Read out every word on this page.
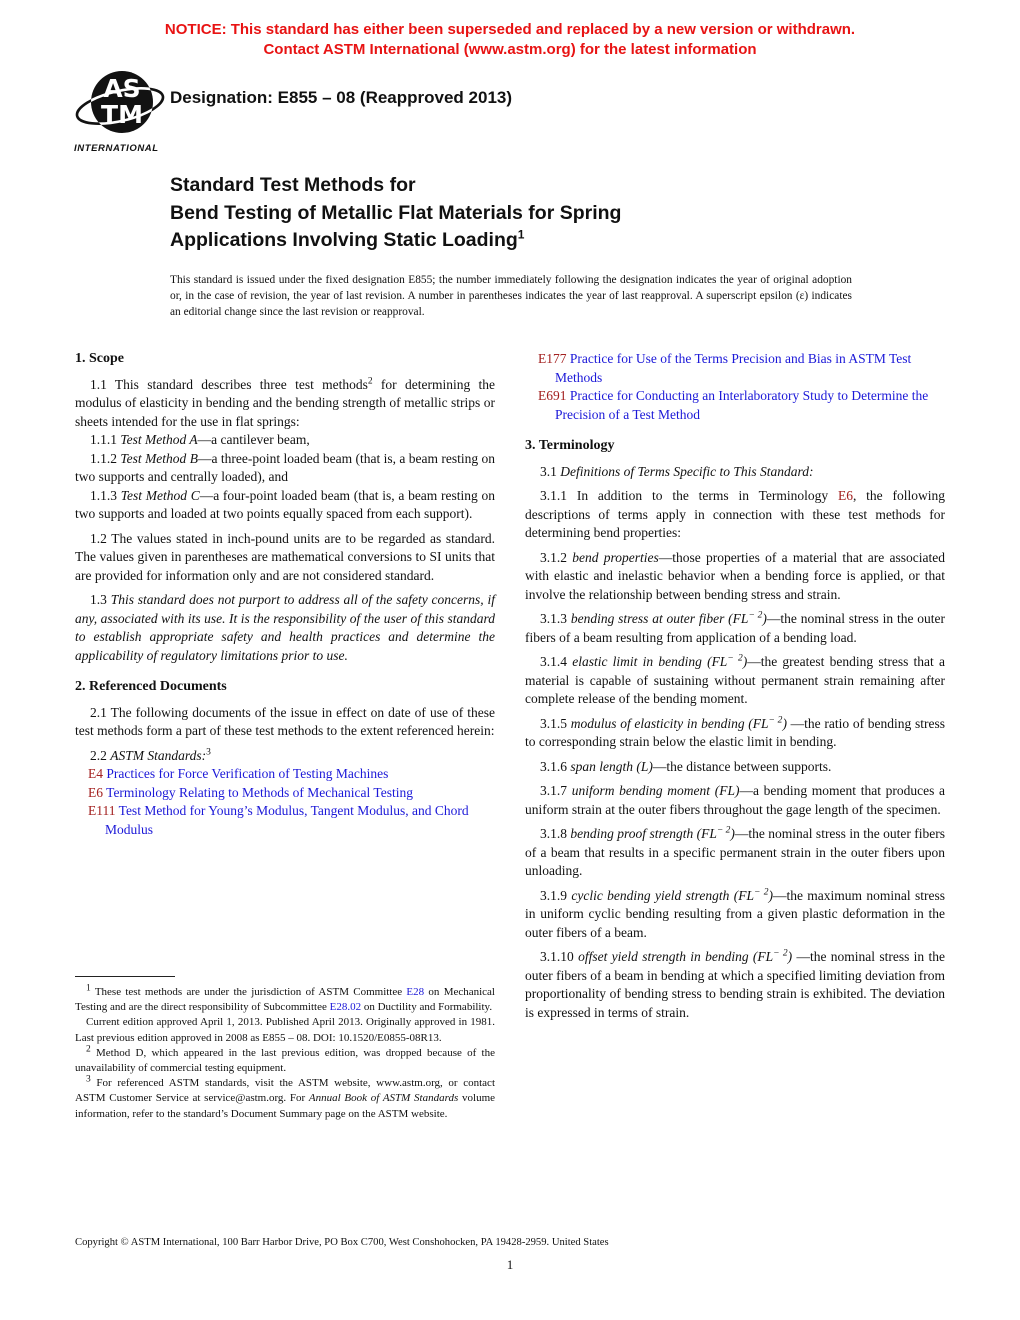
NOTICE: This standard has either been superseded and replaced by a new version or withdrawn.
Contact ASTM International (www.astm.org) for the latest information
AS
TM
INTERNATIONAL
Designation: E855 – 08 (Reapproved 2013)
Standard Test Methods for
Bend Testing of Metallic Flat Materials for Spring
Applications Involving Static Loading$^1$
This standard is issued under the fixed designation E855; the number immediately following the designation indicates the year of original adoption or, in the case of revision, the year of last revision. A number in parentheses indicates the year of last reapproval. A superscript epsilon (ε) indicates an editorial change since the last revision or reapproval.
1. Scope
1.1 This standard describes three test methods$^2$ for determining the modulus of elasticity in bending and the bending strength of metallic strips or sheets intended for the use in flat springs:
1.1.1 Test Method A—a cantilever beam,
1.1.2 Test Method B—a three-point loaded beam (that is, a beam resting on two supports and centrally loaded), and
1.1.3 Test Method C—a four-point loaded beam (that is, a beam resting on two supports and loaded at two points equally spaced from each support).
1.2 The values stated in inch-pound units are to be regarded as standard. The values given in parentheses are mathematical conversions to SI units that are provided for information only and are not considered standard.
1.3 This standard does not purport to address all of the safety concerns, if any, associated with its use. It is the responsibility of the user of this standard to establish appropriate safety and health practices and determine the applicability of regulatory limitations prior to use.
2. Referenced Documents
2.1 The following documents of the issue in effect on date of use of these test methods form a part of these test methods to the extent referenced herein:
2.2 ASTM Standards:$^3$
E4 Practices for Force Verification of Testing Machines
E6 Terminology Relating to Methods of Mechanical Testing
E111 Test Method for Young’s Modulus, Tangent Modulus, and Chord Modulus
E177 Practice for Use of the Terms Precision and Bias in ASTM Test Methods
E691 Practice for Conducting an Interlaboratory Study to Determine the Precision of a Test Method
3. Terminology
3.1 Definitions of Terms Specific to This Standard:
3.1.1 In addition to the terms in Terminology E6, the following descriptions of terms apply in connection with these test methods for determining bend properties:
3.1.2 bend properties—those properties of a material that are associated with elastic and inelastic behavior when a bending force is applied, or that involve the relationship between bending stress and strain.
3.1.3 bending stress at outer fiber $(FL^{- 2})—the$ nominal stress in the outer fibers of a beam resulting from application of a bending load.
3.1.4 elastic limit in bending $(FL^{- 2})—the$ greatest bending stress that a material is capable of sustaining without permanent strain remaining after complete release of the bending moment.
3.1.5 modulus of elasticity in bending $(FL^{- 2})$ —the ratio of bending stress to corresponding strain below the elastic limit in bending.
3.1.6 span length (L)—the distance between supports.
3.1.7 uniform bending moment (FL)—a bending moment that produces a uniform strain at the outer fibers throughout the gage length of the specimen.
3.1.8 bending proof strength $(FL^{- 2})—the$ nominal stress in the outer fibers of a beam that results in a specific permanent strain in the outer fibers upon unloading.
3.1.9 cyclic bending yield strength $(FL^{- 2})—the$ maximum nominal stress in uniform cyclic bending resulting from a given plastic deformation in the outer fibers of a beam.
3.1.10 offset yield strength in bending $(FL^{- 2})$ —the nominal stress in the outer fibers of a beam in bending at which a specified limiting deviation from proportionality of bending stress to bending strain is exhibited. The deviation is expressed in terms of strain.
$^1$ These test methods are under the jurisdiction of ASTM Committee E28 on Mechanical Testing and are the direct responsibility of Subcommittee E28.02 on Ductility and Formability.
Current edition approved April 1, 2013. Published April 2013. Originally approved in 1981. Last previous edition approved in 2008 as E855 – 08. DOI: 10.1520/E0855-08R13.
$^2$ Method D, which appeared in the last previous edition, was dropped because of the unavailability of commercial testing equipment.
$^3$ For referenced ASTM standards, visit the ASTM website, www.astm.org, or contact ASTM Customer Service at service@astm.org. For Annual Book of ASTM Standards volume information, refer to the standard’s Document Summary page on the ASTM website.
Copyright © ASTM International, 100 Barr Harbor Drive, PO Box C700, West Conshohocken, PA 19428-2959. United States
1
